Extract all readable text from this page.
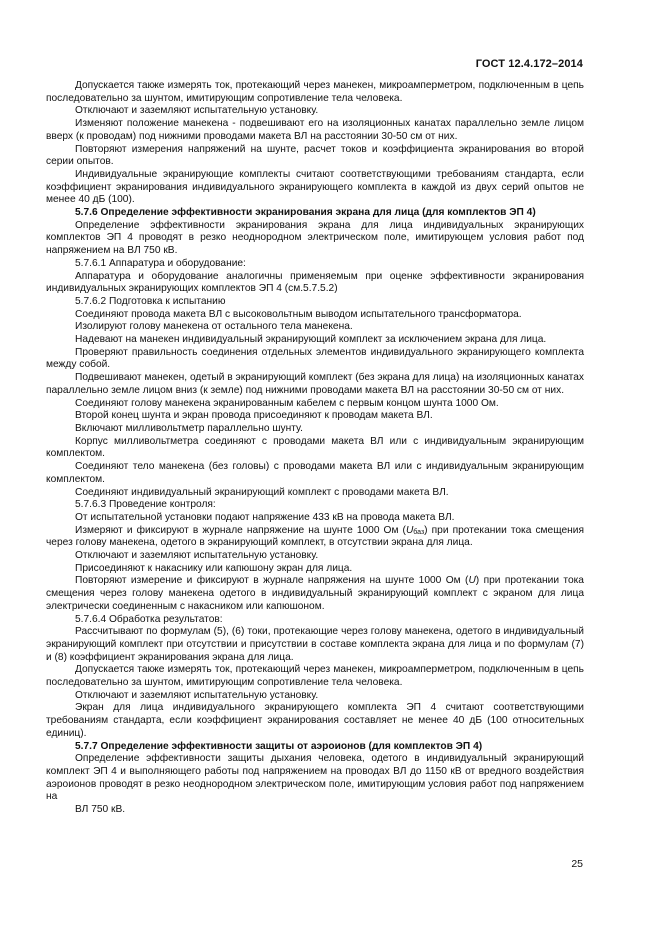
ГОСТ 12.4.172–2014

Допускается также измерять ток, протекающий через манекен, микроамперметром, подключенным в цепь последовательно за шунтом, имитирующим сопротивление тела человека.

Отключают и заземляют испытательную установку.

Изменяют положение манекена - подвешивают его на изоляционных канатах параллельно земле лицом вверх (к проводам) под нижними проводами макета ВЛ на расстоянии 30-50 см от них.

Повторяют измерения напряжений на шунте, расчет токов и коэффициента экранирования во второй серии опытов.

Индивидуальные экранирующие комплекты считают соответствующими требованиям стандарта, если коэффициент экранирования индивидуального экранирующего комплекта в каждой из двух серий опытов не менее 40 дБ (100).

5.7.6 Определение эффективности экранирования экрана для лица (для комплектов ЭП 4)

Определение эффективности экранирования экрана для лица индивидуальных экранирующих комплектов ЭП 4 проводят в резко неоднородном электрическом поле, имитирующем условия работ под напряжением на ВЛ 750 кВ.

5.7.6.1 Аппаратура и оборудование:

Аппаратура и оборудование аналогичны применяемым при оценке эффективности экранирования индивидуальных экранирующих комплектов ЭП 4 (см.5.7.5.2)

5.7.6.2 Подготовка к испытанию

Соединяют провода макета ВЛ с высоковольтным выводом испытательного трансформатора.

Изолируют голову манекена от остального тела манекена.

Надевают на манекен индивидуальный экранирующий комплект за исключением экрана для лица.

Проверяют правильность соединения отдельных элементов индивидуального экранирующего комплекта между собой.

Подвешивают манекен, одетый в экранирующий комплект (без экрана для лица) на изоляционных канатах параллельно земле лицом вниз (к земле) под нижними проводами макета ВЛ на расстоянии 30-50 см от них.

Соединяют голову манекена экранированным кабелем с первым концом шунта 1000 Ом.

Второй конец шунта и экран провода присоединяют к проводам макета ВЛ.

Включают милливольтметр параллельно шунту.

Корпус милливольтметра соединяют с проводами макета ВЛ или с индивидуальным экранирующим комплектом.

Соединяют тело манекена (без головы) с проводами макета ВЛ или с индивидуальным экранирующим комплектом.

Соединяют индивидуальный экранирующий комплект с проводами макета ВЛ.

5.7.6.3 Проведение контроля:

От испытательной установки подают напряжение 433 кВ на провода макета ВЛ.

Измеряют и фиксируют в журнале напряжение на шунте 1000 Ом $(U_{баз})$ при протекании тока смещения через голову манекена, одетого в экранирующий комплект, в отсутствии экрана для лица.

Отключают и заземляют испытательную установку.

Присоединяют к накаснику или капюшону экран для лица.

Повторяют измерение и фиксируют в журнале напряжения на шунте 1000 Ом (U) при протекании тока смещения через голову манекена одетого в индивидуальный экранирующий комплект с экраном для лица электрически соединенным с накасником или капюшоном.

5.7.6.4 Обработка результатов:

Рассчитывают по формулам (5), (6) токи, протекающие через голову манекена, одетого в индивидуальный экранирующий комплект при отсутствии и присутствии в составе комплекта экрана для лица и по формулам (7) и (8) коэффициент экранирования экрана для лица.

Допускается также измерять ток, протекающий через манекен, микроамперметром, подключенным в цепь последовательно за шунтом, имитирующим сопротивление тела человека.

Отключают и заземляют испытательную установку.

Экран для лица индивидуального экранирующего комплекта ЭП 4 считают соответствующими требованиям стандарта, если коэффициент экранирования составляет не менее 40 дБ (100 относительных единиц).

5.7.7 Определение эффективности защиты от аэроионов (для комплектов ЭП 4)

Определение эффективности защиты дыхания человека, одетого в индивидуальный экранирующий комплект ЭП 4 и выполняющего работы под напряжением на проводах ВЛ до 1150 кВ от вредного воздействия аэроионов проводят в резко неоднородном электрическом поле, имитирующим условия работ под напряжением на

ВЛ 750 кВ.

25
